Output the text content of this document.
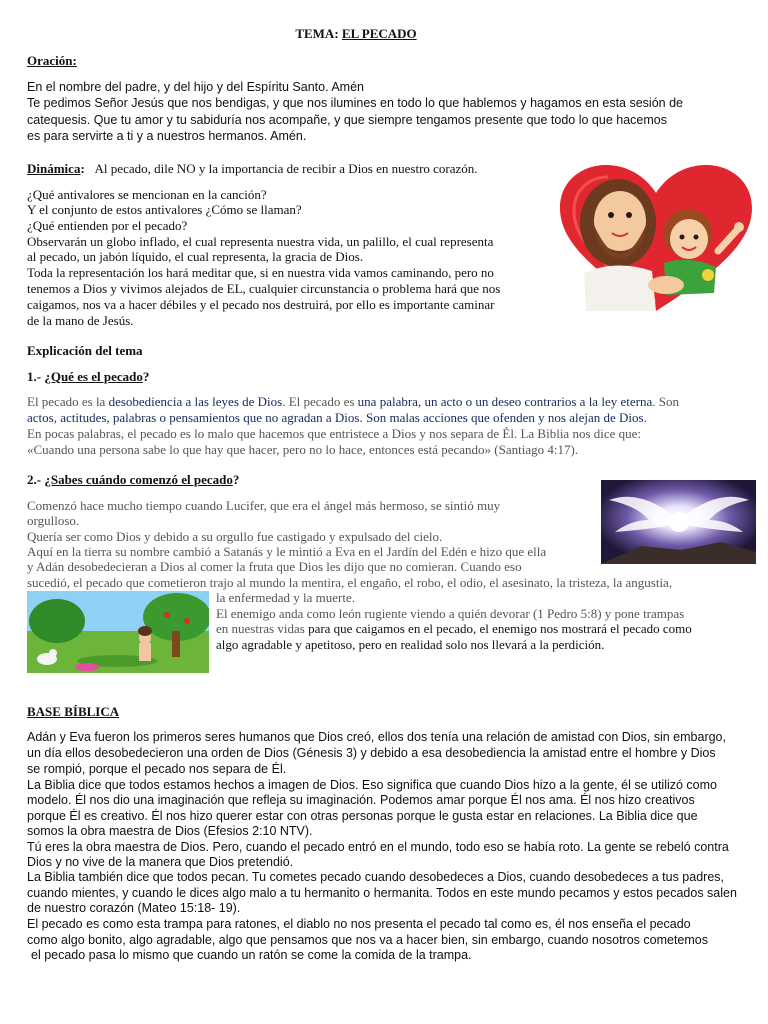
TEMA: EL PECADO
Oración:
En el nombre del padre, y del hijo y del Espíritu Santo. Amén
Te pedimos Señor Jesús que nos bendigas, y que nos ilumines en todo lo que hablemos y hagamos en esta sesión de
catequesis. Que tu amor y tu sabiduría nos acompañe, y que siempre tengamos presente que todo lo que hacemos
es para servirte a ti y a nuestros hermanos. Amén.
Dinámica: Al pecado, dile NO y la importancia de recibir a Dios en nuestro corazón.
¿Qué antivalores se mencionan en la canción?
Y el conjunto de estos antivalores ¿Cómo se llaman?
¿Qué entienden por el pecado?
Observarán un globo inflado, el cual representa nuestra vida, un palillo, el cual representa
al pecado, un jabón líquido, el cual representa, la gracia de Dios.
Toda la representación los hará meditar que, si en nuestra vida vamos caminando, pero no
tenemos a Dios y vivimos alejados de EL, cualquier circunstancia o problema hará que nos
caigamos, nos va a hacer débiles y el pecado nos destruirá, por ello es importante caminar
de la mano de Jesús.
Explicación del tema
1.- ¿Qué es el pecado?
El pecado es la desobediencia a las leyes de Dios. El pecado es una palabra, un acto o un deseo contrarios a la ley eterna. Son
actos, actitudes, palabras o pensamientos que no agradan a Dios. Son malas acciones que ofenden y nos alejan de Dios.
En pocas palabras, el pecado es lo malo que hacemos que entristece a Dios y nos separa de Él. La Biblia nos dice que:
«Cuando una persona sabe lo que hay que hacer, pero no lo hace, entonces está pecando» (Santiago 4:17).
2.- ¿Sabes cuándo comenzó el pecado?
Comenzó hace mucho tiempo cuando Lucifer, que era el ángel más hermoso, se sintió muy
orgulloso.
Quería ser como Dios y debido a su orgullo fue castigado y expulsado del cielo.
Aquí en la tierra su nombre cambió a Satanás y le mintió a Eva en el Jardín del Edén e hizo que ella
y Adán desobedecieran a Dios al comer la fruta que Dios les dijo que no comieran. Cuando eso
sucedió, el pecado que cometieron trajo al mundo la mentira, el engaño, el robo, el odio, el asesinato, la tristeza, la angustia,
la enfermedad y la muerte.
El enemigo anda como león rugiente viendo a quién devorar (1 Pedro 5:8) y pone trampas
en nuestras vidas para que caigamos en el pecado, el enemigo nos mostrará el pecado como
algo agradable y apetitoso, pero en realidad solo nos llevará a la perdición.
BASE BÍBLICA
Adán y Eva fueron los primeros seres humanos que Dios creó, ellos dos tenía una relación de amistad con Dios, sin embargo,
un día ellos desobedecieron una orden de Dios (Génesis 3) y debido a esa desobediencia la amistad entre el hombre y Dios
se rompió, porque el pecado nos separa de Él.
La Biblia dice que todos estamos hechos a imagen de Dios. Eso significa que cuando Dios hizo a la gente, él se utilizó como
modelo. Él nos dio una imaginación que refleja su imaginación. Podemos amar porque Él nos ama. Él nos hizo creativos
porque Él es creativo. Él nos hizo querer estar con otras personas porque le gusta estar en relaciones. La Biblia dice que
somos la obra maestra de Dios (Efesios 2:10 NTV).
Tú eres la obra maestra de Dios. Pero, cuando el pecado entró en el mundo, todo eso se había roto. La gente se rebeló contra
Dios y no vive de la manera que Dios pretendió.
La Biblia también dice que todos pecan. Tu cometes pecado cuando desobedeces a Dios, cuando desobedeces a tus padres,
cuando mientes, y cuando le dices algo malo a tu hermanito o hermanita. Todos en este mundo pecamos y estos pecados salen
de nuestro corazón (Mateo 15:18- 19).
El pecado es como esta trampa para ratones, el diablo no nos presenta el pecado tal como es, él nos enseña el pecado
como algo bonito, algo agradable, algo que pensamos que nos va a hacer bien, sin embargo, cuando nosotros cometemos
el pecado pasa lo mismo que cuando un ratón se come la comida de la trampa.
